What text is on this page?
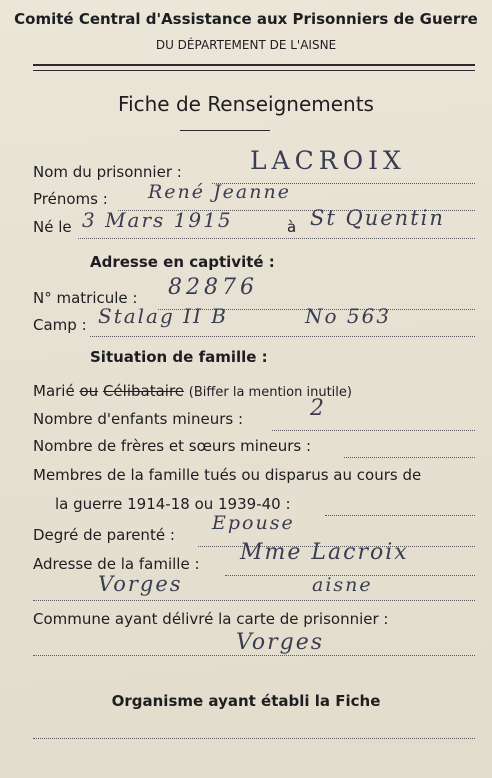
Comité Central d'Assistance aux Prisonniers de Guerre
DU DÉPARTEMENT DE L'AISNE
Fiche de Renseignements
Nom du prisonnier :	LACROIX
Prénoms : René Jeanne
Né le 3 Mars 1915	à St Quentin
Adresse en captivité :
N° matricule : 82876
Camp : Stalag II B	No 563
Situation de famille :
Marié ou Célibataire (Biffer la mention inutile)
Nombre d'enfants mineurs :	2
Nombre de frères et sœurs mineurs :
Membres de la famille tués ou disparus au cours de
la guerre 1914-18 ou 1939-40 :
Degré de parenté :
Epouse
Adresse de la famille : Mme Lacroix
Vorges	aisne
Commune ayant délivré la carte de prisonnier :
Vorges
Organisme ayant établi la Fiche
